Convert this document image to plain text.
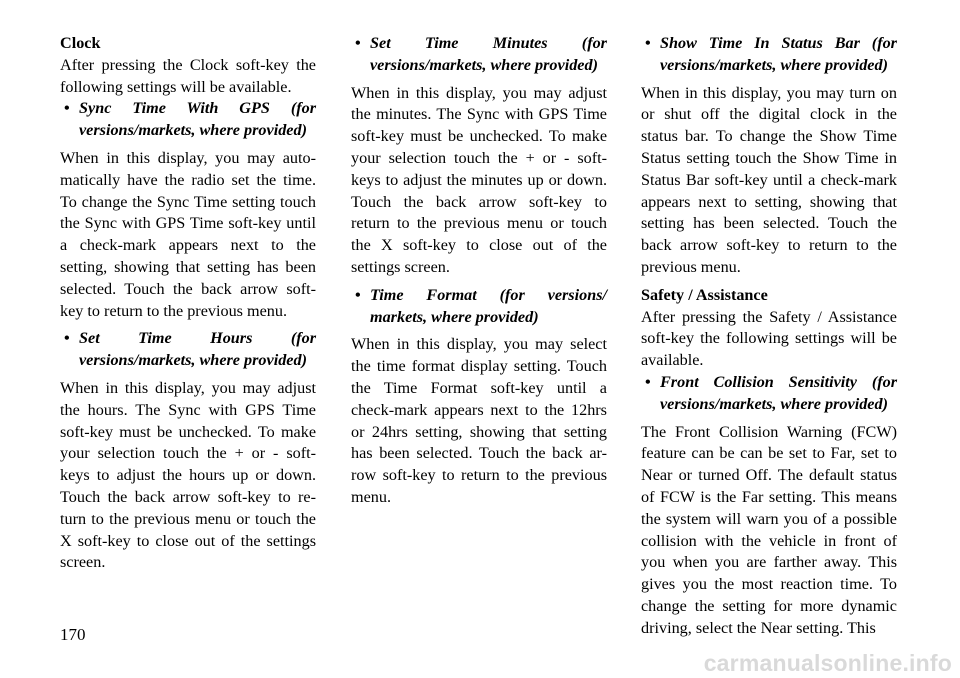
Clock
After pressing the Clock soft-key the following settings will be available.

• Sync Time With GPS (for versions/markets, where provided)

When in this display, you may auto-matically have the radio set the time. To change the Sync Time setting touch the Sync with GPS Time soft-key until a check-mark appears next to the setting, showing that setting has been selected. Touch the back arrow soft-key to return to the previous menu.

• Set Time Hours (for versions/markets, where provided)

When in this display, you may adjust the hours. The Sync with GPS Time soft-key must be unchecked. To make your selection touch the + or - soft-keys to adjust the hours up or down. Touch the back arrow soft-key to re-turn to the previous menu or touch the X soft-key to close out of the settings screen.

• Set Time Minutes (for versions/markets, where provided)

When in this display, you may adjust the minutes. The Sync with GPS Time soft-key must be unchecked. To make your selection touch the + or - soft-keys to adjust the minutes up or down. Touch the back arrow soft-key to return to the previous menu or touch the X soft-key to close out of the settings screen.

• Time Format (for versions/ markets, where provided)

When in this display, you may select the time format display setting. Touch the Time Format soft-key until a check-mark appears next to the 12hrs or 24hrs setting, showing that setting has been selected. Touch the back ar-row soft-key to return to the previous menu.

• Show Time In Status Bar (for versions/markets, where provided)

When in this display, you may turn on or shut off the digital clock in the status bar. To change the Show Time Status setting touch the Show Time in Status Bar soft-key until a check-mark appears next to setting, showing that setting has been selected. Touch the back arrow soft-key to return to the previous menu.

Safety / Assistance
After pressing the Safety / Assistance soft-key the following settings will be available.

• Front Collision Sensitivity (for versions/markets, where provided)

The Front Collision Warning (FCW) feature can be can be set to Far, set to Near or turned Off. The default status of FCW is the Far setting. This means the system will warn you of a possible collision with the vehicle in front of you when you are farther away. This gives you the most reaction time. To change the setting for more dynamic driving, select the Near setting. This

170
carmanualsonline.info
